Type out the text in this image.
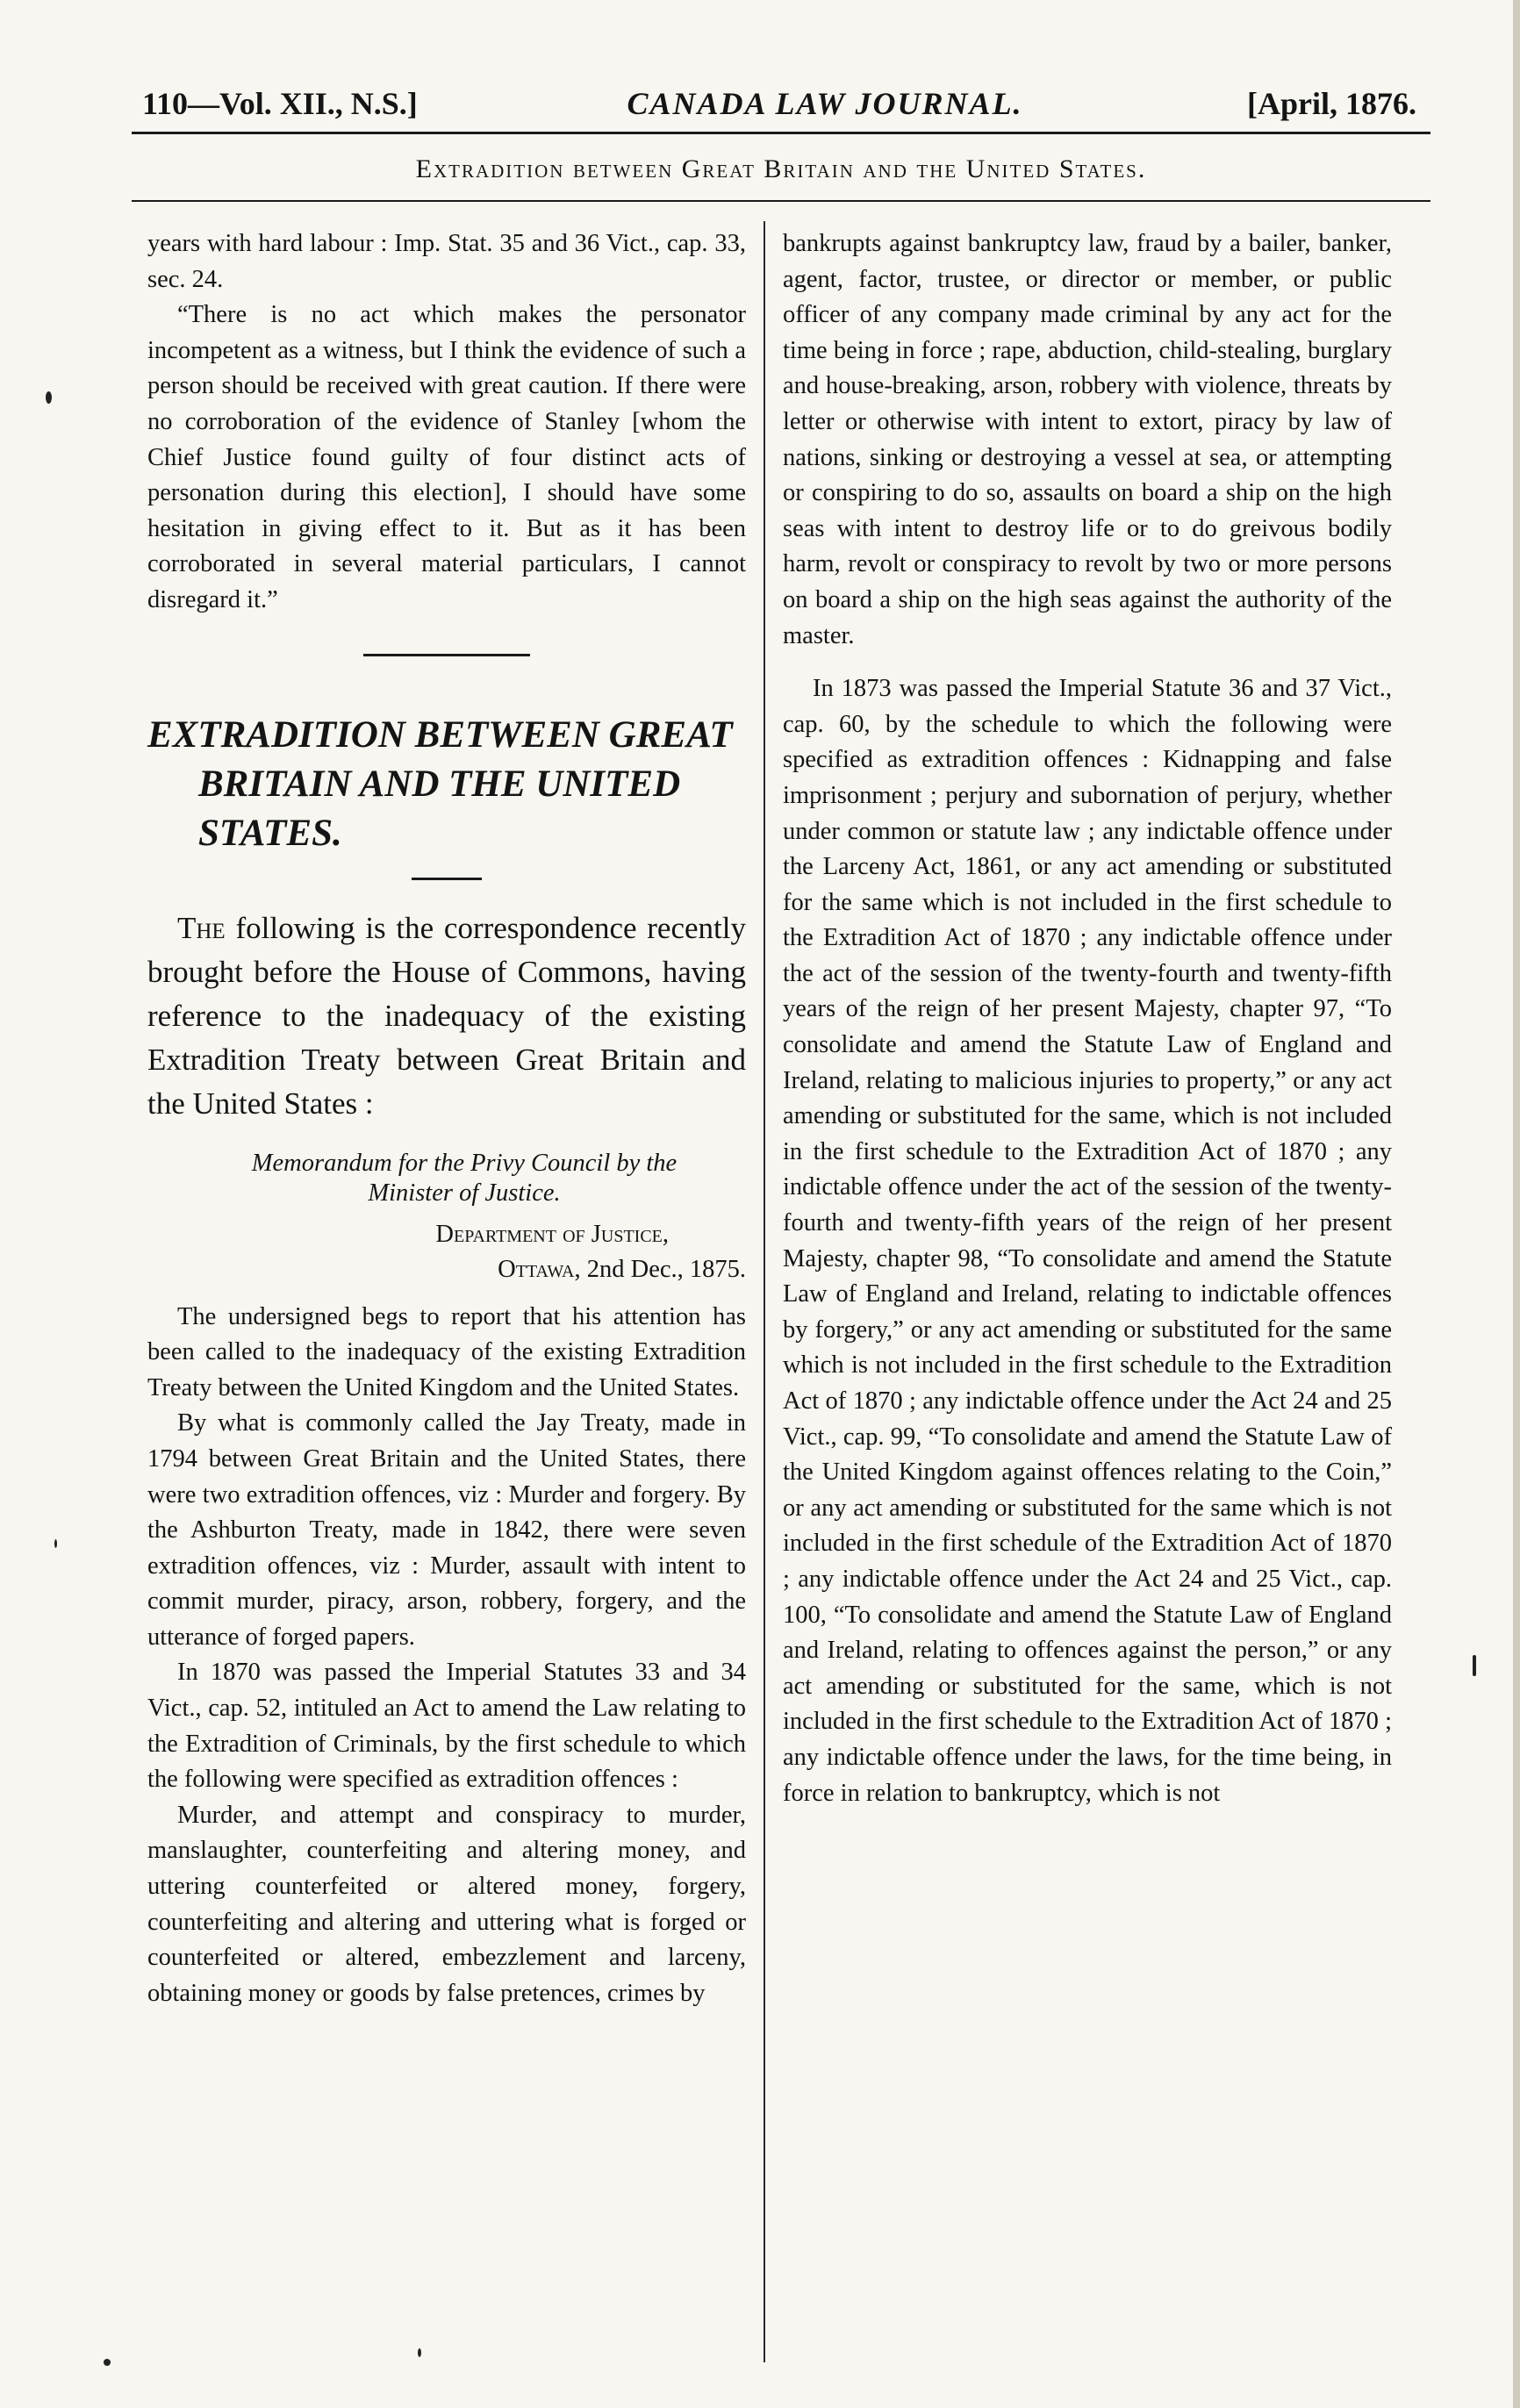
110—Vol. XII., N.S.]	CANADA LAW JOURNAL.	[April, 1876.
Extradition between Great Britain and the United States.

years with hard labour : Imp. Stat. 35 and 36 Vict., cap. 33, sec. 24.

“There is no act which makes the personator incompetent as a witness, but I think the evidence of such a person should be received with great caution. If there were no corroboration of the evidence of Stanley [whom the Chief Justice found guilty of four distinct acts of personation during this election], I should have some hesitation in giving effect to it. But as it has been corroborated in several material particulars, I cannot disregard it.”

EXTRADITION BETWEEN GREAT
BRITAIN AND THE UNITED STATES.

The following is the correspondence recently brought before the House of Commons, having reference to the inadequacy of the existing Extradition Treaty between Great Britain and the United States :

Memorandum for the Privy Council by the
Minister of Justice.
Department of Justice,
Ottawa, 2nd Dec., 1875.

The undersigned begs to report that his attention has been called to the inadequacy of the existing Extradition Treaty between the United Kingdom and the United States.

By what is commonly called the Jay Treaty, made in 1794 between Great Britain and the United States, there were two extradition offences, viz : Murder and forgery. By the Ashburton Treaty, made in 1842, there were seven extradition offences, viz : Murder, assault with intent to commit murder, piracy, arson, robbery, forgery, and the utterance of forged papers.

In 1870 was passed the Imperial Statutes 33 and 34 Vict., cap. 52, intituled an Act to amend the Law relating to the Extradition of Criminals, by the first schedule to which the following were specified as extradition offences :

Murder, and attempt and conspiracy to murder, manslaughter, counterfeiting and altering money, and uttering counterfeited or altered money, forgery, counterfeiting and altering and uttering what is forged or counterfeited or altered, embezzlement and larceny, obtaining money or goods by false pretences, crimes by

bankrupts against bankruptcy law, fraud by a bailer, banker, agent, factor, trustee, or director or member, or public officer of any company made criminal by any act for the time being in force ; rape, abduction, child-stealing, burglary and house-breaking, arson, robbery with violence, threats by letter or otherwise with intent to extort, piracy by law of nations, sinking or destroying a vessel at sea, or attempting or conspiring to do so, assaults on board a ship on the high seas with intent to destroy life or to do greivous bodily harm, revolt or conspiracy to revolt by two or more persons on board a ship on the high seas against the authority of the master.

In 1873 was passed the Imperial Statute 36 and 37 Vict., cap. 60, by the schedule to which the following were specified as extradition offences : Kidnapping and false imprisonment ; perjury and subornation of perjury, whether under common or statute law ; any indictable offence under the Larceny Act, 1861, or any act amending or substituted for the same which is not included in the first schedule to the Extradition Act of 1870 ; any indictable offence under the act of the session of the twenty-fourth and twenty-fifth years of the reign of her present Majesty, chapter 97, “To consolidate and amend the Statute Law of England and Ireland, relating to malicious injuries to property,” or any act amending or substituted for the same, which is not included in the first schedule to the Extradition Act of 1870 ; any indictable offence under the act of the session of the twenty-fourth and twenty-fifth years of the reign of her present Majesty, chapter 98, “To consolidate and amend the Statute Law of England and Ireland, relating to indictable offences by forgery,” or any act amending or substituted for the same which is not included in the first schedule to the Extradition Act of 1870 ; any indictable offence under the Act 24 and 25 Vict., cap. 99, “To consolidate and amend the Statute Law of the United Kingdom against offences relating to the Coin,” or any act amending or substituted for the same which is not included in the first schedule of the Extradition Act of 1870 ; any indictable offence under the Act 24 and 25 Vict., cap. 100, “To consolidate and amend the Statute Law of England and Ireland, relating to offences against the person,” or any act amending or substituted for the same, which is not included in the first schedule to the Extradition Act of 1870 ; any indictable offence under the laws, for the time being, in force in relation to bankruptcy, which is not
